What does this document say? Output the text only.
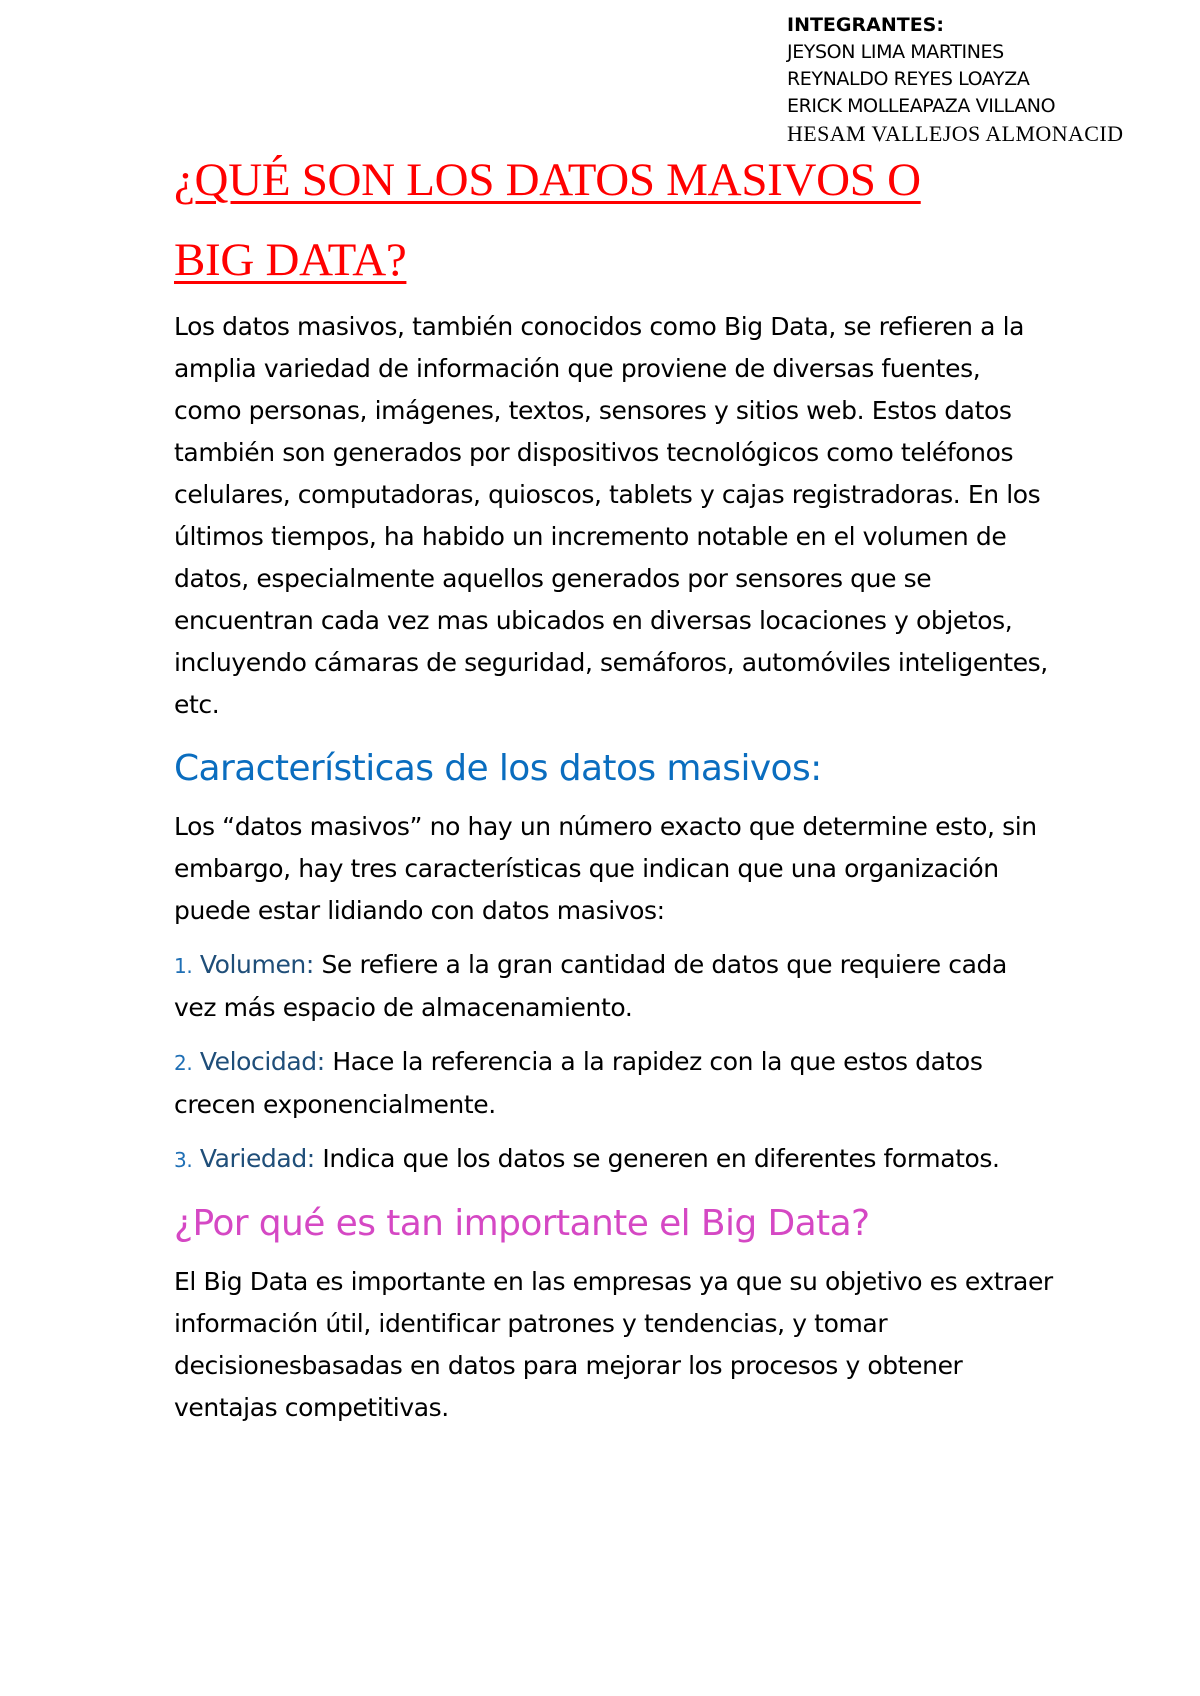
INTEGRANTES:
JEYSON LIMA MARTINES
REYNALDO REYES LOAYZA
ERICK MOLLEAPAZA VILLANO
HESAM VALLEJOS ALMONACID
¿QUÉ SON LOS DATOS MASIVOS O
BIG DATA?

Los datos masivos, también conocidos como Big Data, se refieren a la amplia variedad de información que proviene de diversas fuentes, como personas, imágenes, textos, sensores y sitios web. Estos datos también son generados por dispositivos tecnológicos como teléfonos celulares, computadoras, quioscos, tablets y cajas registradoras. En los últimos tiempos, ha habido un incremento notable en el volumen de datos, especialmente aquellos generados por sensores que se encuentran cada vez mas ubicados en diversas locaciones y objetos, incluyendo cámaras de seguridad, semáforos, automóviles inteligentes, etc.

Características de los datos masivos:

Los “datos masivos” no hay un número exacto que determine esto, sin embargo, hay tres características que indican que una organización puede estar lidiando con datos masivos:

1. Volumen: Se refiere a la gran cantidad de datos que requiere cada vez más espacio de almacenamiento.
2. Velocidad: Hace la referencia a la rapidez con la que estos datos crecen exponencialmente.
3. Variedad: Indica que los datos se generen en diferentes formatos.
¿Por qué es tan importante el Big Data?

El Big Data es importante en las empresas ya que su objetivo es extraer información útil, identificar patrones y tendencias, y tomar decisionesbasadas en datos para mejorar los procesos y obtener ventajas competitivas.
